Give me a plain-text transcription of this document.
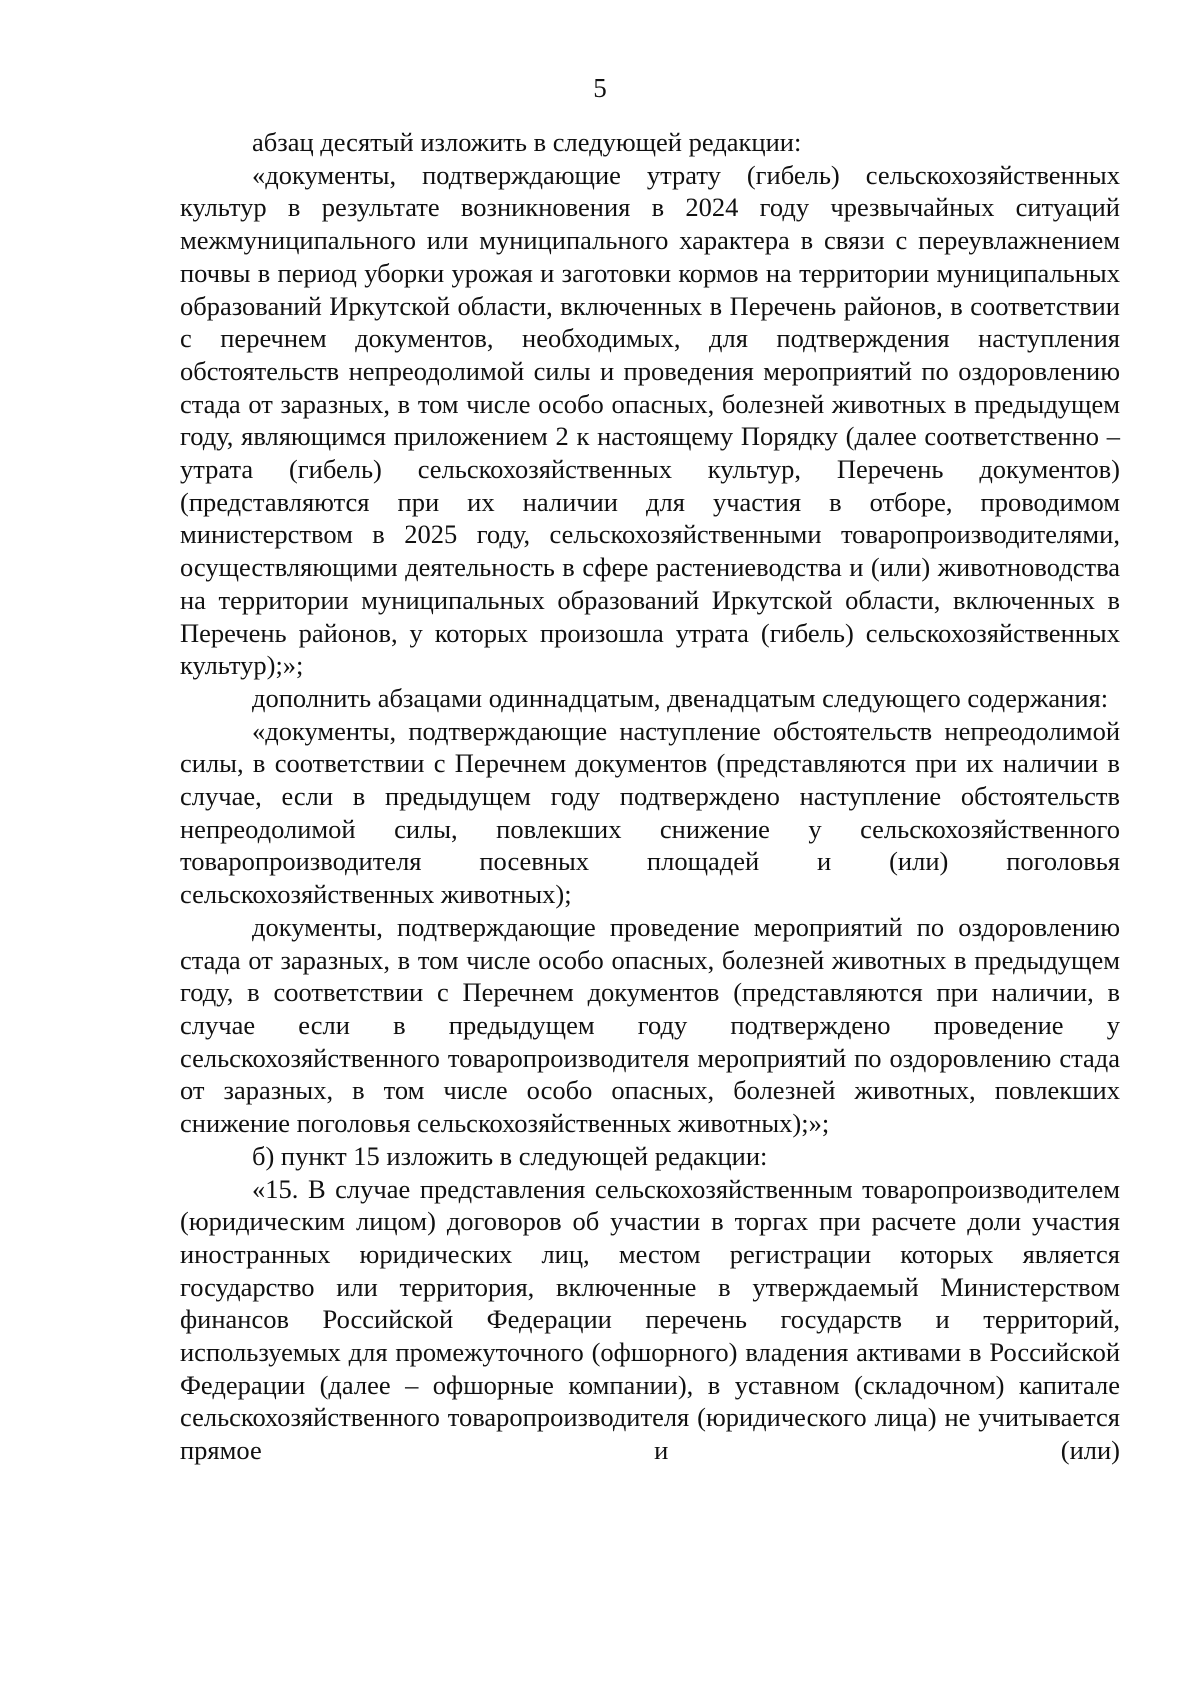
5

абзац десятый изложить в следующей редакции:

«документы, подтверждающие утрату (гибель) сельскохозяйственных культур в результате возникновения в 2024 году чрезвычайных ситуаций межмуниципального или муниципального характера в связи с переувлажнением почвы в период уборки урожая и заготовки кормов на территории муниципальных образований Иркутской области, включенных в Перечень районов, в соответствии с перечнем документов, необходимых, для подтверждения наступления обстоятельств непреодолимой силы и проведения мероприятий по оздоровлению стада от заразных, в том числе особо опасных, болезней животных в предыдущем году, являющимся приложением 2 к настоящему Порядку (далее соответственно – утрата (гибель) сельскохозяйственных культур, Перечень документов) (представляются при их наличии для участия в отборе, проводимом министерством в 2025 году, сельскохозяйственными товаропроизводителями, осуществляющими деятельность в сфере растениеводства и (или) животноводства на территории муниципальных образований Иркутской области, включенных в Перечень районов, у которых произошла утрата (гибель) сельскохозяйственных культур);»;

дополнить абзацами одиннадцатым, двенадцатым следующего содержания:

«документы, подтверждающие наступление обстоятельств непреодолимой силы, в соответствии с Перечнем документов (представляются при их наличии в случае, если в предыдущем году подтверждено наступление обстоятельств непреодолимой силы, повлекших снижение у сельскохозяйственного товаропроизводителя посевных площадей и (или) поголовья сельскохозяйственных животных);

документы, подтверждающие проведение мероприятий по оздоровлению стада от заразных, в том числе особо опасных, болезней животных в предыдущем году, в соответствии с Перечнем документов (представляются при наличии, в случае если в предыдущем году подтверждено проведение у сельскохозяйственного товаропроизводителя мероприятий по оздоровлению стада от заразных, в том числе особо опасных, болезней животных, повлекших снижение поголовья сельскохозяйственных животных);»;

б) пункт 15 изложить в следующей редакции:

«15. В случае представления сельскохозяйственным товаропроизводителем (юридическим лицом) договоров об участии в торгах при расчете доли участия иностранных юридических лиц, местом регистрации которых является государство или территория, включенные в утверждаемый Министерством финансов Российской Федерации перечень государств и территорий, используемых для промежуточного (офшорного) владения активами в Российской Федерации (далее – офшорные компании), в уставном (складочном) капитале сельскохозяйственного товаропроизводителя (юридического лица) не учитывается прямое и (или)
